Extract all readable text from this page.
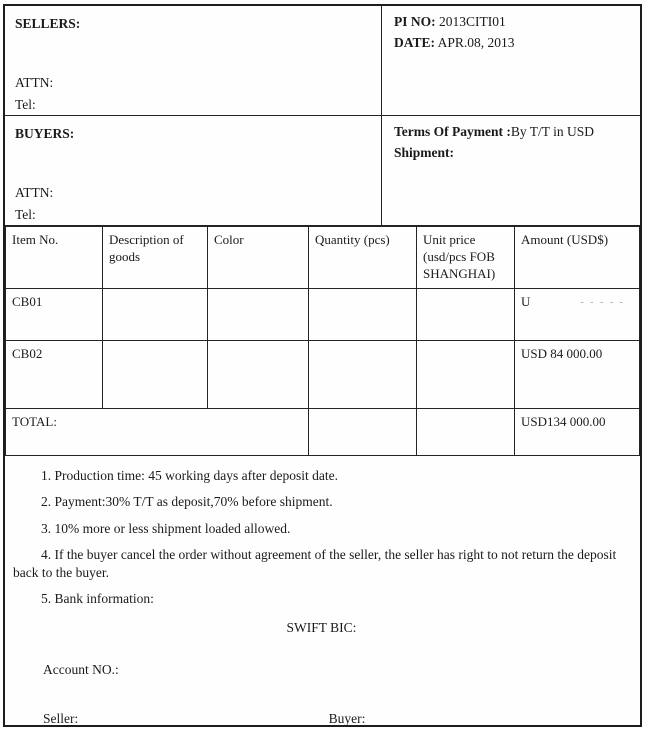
SELLERS:
ATTN:
Tel:
PI NO: 2013CITI01
DATE: APR.08, 2013
BUYERS:
ATTN:
Tel:
Terms Of Payment :By T/T in USD
Shipment:
Item No.	Description of goods	Color	Quantity (pcs)	Unit price (usd/pcs FOB SHANGHAI)	Amount (USD$)
CB01					U - - - - -

CB02					USD 84 000.00
TOTAL:					USD134 000.00

1. Production time: 45 working days after deposit date.

2. Payment:30% T/T as deposit,70% before shipment.

3. 10% more or less shipment loaded allowed.

4. If the buyer cancel the order without agreement of the seller, the seller has right to not return the deposit back to the buyer.

5. Bank information:

SWIFT BIC:
Account NO.:
Seller:	Buyer:
